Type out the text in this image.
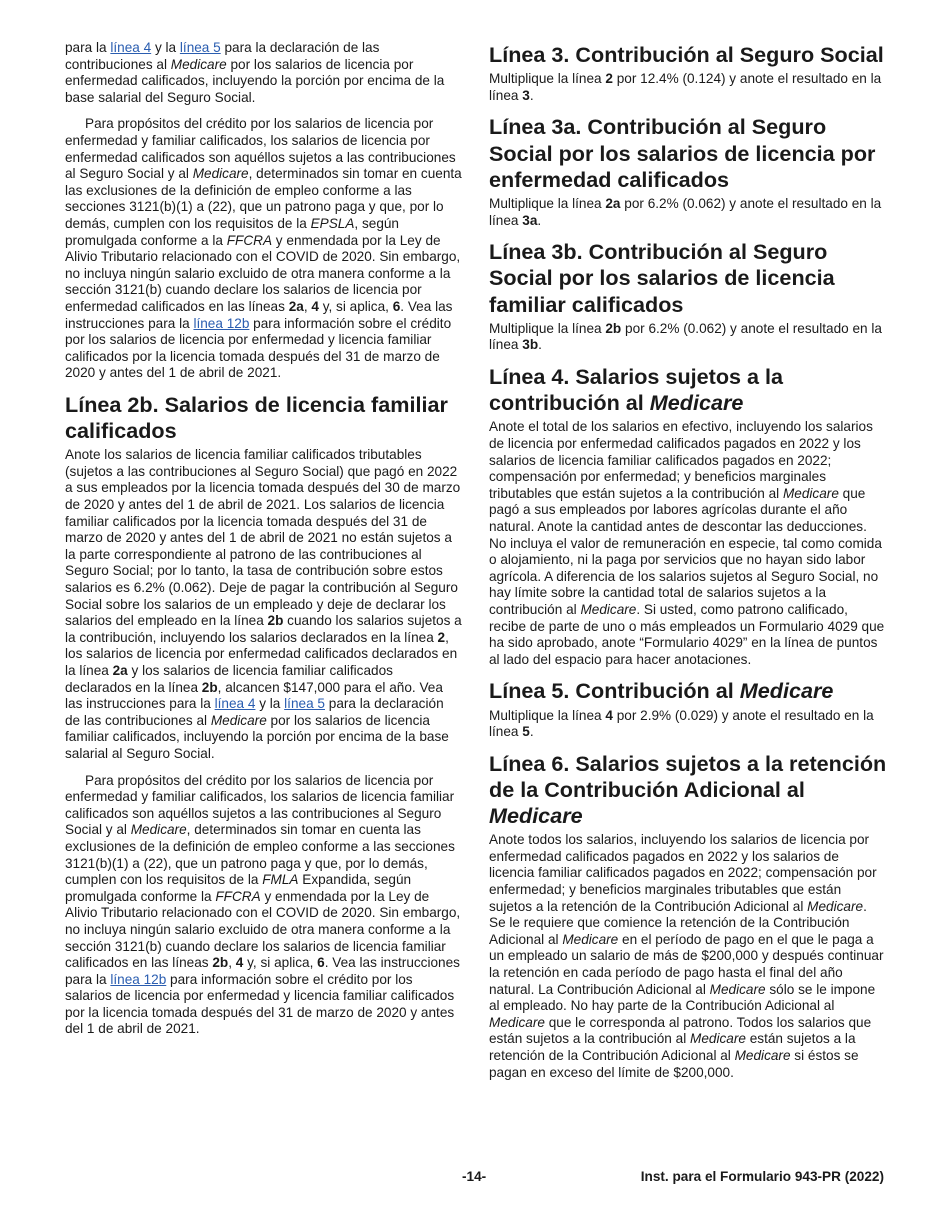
para la línea 4 y la línea 5 para la declaración de las contribuciones al Medicare por los salarios de licencia por enfermedad calificados, incluyendo la porción por encima de la base salarial del Seguro Social.

Para propósitos del crédito por los salarios de licencia por enfermedad y familiar calificados, los salarios de licencia por enfermedad calificados son aquéllos sujetos a las contribuciones al Seguro Social y al Medicare, determinados sin tomar en cuenta las exclusiones de la definición de empleo conforme a las secciones 3121(b)(1) a (22), que un patrono paga y que, por lo demás, cumplen con los requisitos de la EPSLA, según promulgada conforme a la FFCRA y enmendada por la Ley de Alivio Tributario relacionado con el COVID de 2020. Sin embargo, no incluya ningún salario excluido de otra manera conforme a la sección 3121(b) cuando declare los salarios de licencia por enfermedad calificados en las líneas 2a, 4 y, si aplica, 6. Vea las instrucciones para la línea 12b para información sobre el crédito por los salarios de licencia por enfermedad y licencia familiar calificados por la licencia tomada después del 31 de marzo de 2020 y antes del 1 de abril de 2021.

Línea 2b. Salarios de licencia familiar calificados

Anote los salarios de licencia familiar calificados tributables (sujetos a las contribuciones al Seguro Social) que pagó en 2022 a sus empleados por la licencia tomada después del 30 de marzo de 2020 y antes del 1 de abril de 2021. Los salarios de licencia familiar calificados por la licencia tomada después del 31 de marzo de 2020 y antes del 1 de abril de 2021 no están sujetos a la parte correspondiente al patrono de las contribuciones al Seguro Social; por lo tanto, la tasa de contribución sobre estos salarios es 6.2% (0.062). Deje de pagar la contribución al Seguro Social sobre los salarios de un empleado y deje de declarar los salarios del empleado en la línea 2b cuando los salarios sujetos a la contribución, incluyendo los salarios declarados en la línea 2, los salarios de licencia por enfermedad calificados declarados en la línea 2a y los salarios de licencia familiar calificados declarados en la línea 2b, alcancen $147,000 para el año. Vea las instrucciones para la línea 4 y la línea 5 para la declaración de las contribuciones al Medicare por los salarios de licencia familiar calificados, incluyendo la porción por encima de la base salarial al Seguro Social.

Para propósitos del crédito por los salarios de licencia por enfermedad y familiar calificados, los salarios de licencia familiar calificados son aquéllos sujetos a las contribuciones al Seguro Social y al Medicare, determinados sin tomar en cuenta las exclusiones de la definición de empleo conforme a las secciones 3121(b)(1) a (22), que un patrono paga y que, por lo demás, cumplen con los requisitos de la FMLA Expandida, según promulgada conforme la FFCRA y enmendada por la Ley de Alivio Tributario relacionado con el COVID de 2020. Sin embargo, no incluya ningún salario excluido de otra manera conforme a la sección 3121(b) cuando declare los salarios de licencia familiar calificados en las líneas 2b, 4 y, si aplica, 6. Vea las instrucciones para la línea 12b para información sobre el crédito por los salarios de licencia por enfermedad y licencia familiar calificados por la licencia tomada después del 31 de marzo de 2020 y antes del 1 de abril de 2021.

Línea 3. Contribución al Seguro Social

Multiplique la línea 2 por 12.4% (0.124) y anote el resultado en la línea 3.

Línea 3a. Contribución al Seguro Social por los salarios de licencia por enfermedad calificados

Multiplique la línea 2a por 6.2% (0.062) y anote el resultado en la línea 3a.

Línea 3b. Contribución al Seguro Social por los salarios de licencia familiar calificados

Multiplique la línea 2b por 6.2% (0.062) y anote el resultado en la línea 3b.

Línea 4. Salarios sujetos a la contribución al Medicare

Anote el total de los salarios en efectivo, incluyendo los salarios de licencia por enfermedad calificados pagados en 2022 y los salarios de licencia familiar calificados pagados en 2022; compensación por enfermedad; y beneficios marginales tributables que están sujetos a la contribución al Medicare que pagó a sus empleados por labores agrícolas durante el año natural. Anote la cantidad antes de descontar las deducciones. No incluya el valor de remuneración en especie, tal como comida o alojamiento, ni la paga por servicios que no hayan sido labor agrícola. A diferencia de los salarios sujetos al Seguro Social, no hay límite sobre la cantidad total de salarios sujetos a la contribución al Medicare. Si usted, como patrono calificado, recibe de parte de uno o más empleados un Formulario 4029 que ha sido aprobado, anote “Formulario 4029” en la línea de puntos al lado del espacio para hacer anotaciones.

Línea 5. Contribución al Medicare

Multiplique la línea 4 por 2.9% (0.029) y anote el resultado en la línea 5.

Línea 6. Salarios sujetos a la retención de la Contribución Adicional al Medicare

Anote todos los salarios, incluyendo los salarios de licencia por enfermedad calificados pagados en 2022 y los salarios de licencia familiar calificados pagados en 2022; compensación por enfermedad; y beneficios marginales tributables que están sujetos a la retención de la Contribución Adicional al Medicare. Se le requiere que comience la retención de la Contribución Adicional al Medicare en el período de pago en el que le paga a un empleado un salario de más de $200,000 y después continuar la retención en cada período de pago hasta el final del año natural. La Contribución Adicional al Medicare sólo se le impone al empleado. No hay parte de la Contribución Adicional al Medicare que le corresponda al patrono. Todos los salarios que están sujetos a la contribución al Medicare están sujetos a la retención de la Contribución Adicional al Medicare si éstos se pagan en exceso del límite de $200,000.

-14-	Inst. para el Formulario 943-PR (2022)
